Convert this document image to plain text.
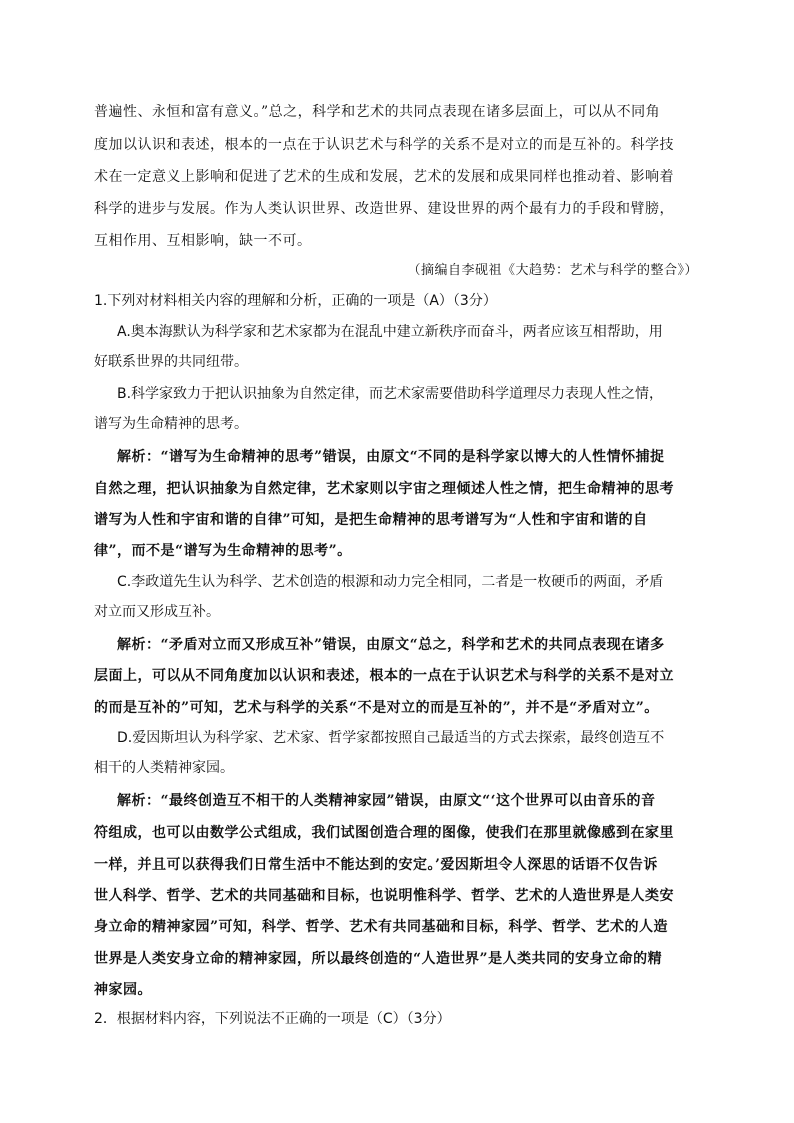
普遍性、永恒和富有意义。”总之，科学和艺术的共同点表现在诸多层面上，可以从不同角
度加以认识和表述，根本的一点在于认识艺术与科学的关系不是对立的而是互补的。科学技
术在一定意义上影响和促进了艺术的生成和发展，艺术的发展和成果同样也推动着、影响着
科学的进步与发展。作为人类认识世界、改造世界、建设世界的两个最有力的手段和臂膀，
互相作用、互相影响，缺一不可。
（摘编自李砚祖《大趋势：艺术与科学的整合》）
1.下列对材料相关内容的理解和分析，正确的一项是（A）（3分）
A.奥本海默认为科学家和艺术家都为在混乱中建立新秩序而奋斗，两者应该互相帮助，用
好联系世界的共同纽带。
B.科学家致力于把认识抽象为自然定律，而艺术家需要借助科学道理尽力表现人性之情，
谱写为生命精神的思考。
解析：“谱写为生命精神的思考”错误，由原文“不同的是科学家以博大的人性情怀捕捉
自然之理，把认识抽象为自然定律，艺术家则以宇宙之理倾述人性之情，把生命精神的思考
谱写为人性和宇宙和谐的自律”可知，是把生命精神的思考谱写为“人性和宇宙和谐的自
律”，而不是“谱写为生命精神的思考”。
C.李政道先生认为科学、艺术创造的根源和动力完全相同，二者是一枚硬币的两面，矛盾
对立而又形成互补。
解析：“矛盾对立而又形成互补”错误，由原文“总之，科学和艺术的共同点表现在诸多
层面上，可以从不同角度加以认识和表述，根本的一点在于认识艺术与科学的关系不是对立
的而是互补的”可知，艺术与科学的关系“不是对立的而是互补的”，并不是“矛盾对立”。
D.爱因斯坦认为科学家、艺术家、哲学家都按照自己最适当的方式去探索，最终创造互不
相干的人类精神家园。
解析：“最终创造互不相干的人类精神家园”错误，由原文“‘这个世界可以由音乐的音
符组成，也可以由数学公式组成，我们试图创造合理的图像，使我们在那里就像感到在家里
一样，并且可以获得我们日常生活中不能达到的安定。’爱因斯坦令人深思的话语不仅告诉
世人科学、哲学、艺术的共同基础和目标，也说明惟科学、哲学、艺术的人造世界是人类安
身立命的精神家园”可知，科学、哲学、艺术有共同基础和目标，科学、哲学、艺术的人造
世界是人类安身立命的精神家园，所以最终创造的“人造世界”是人类共同的安身立命的精
神家园。
2．根据材料内容，下列说法不正确的一项是（C）（3分）
